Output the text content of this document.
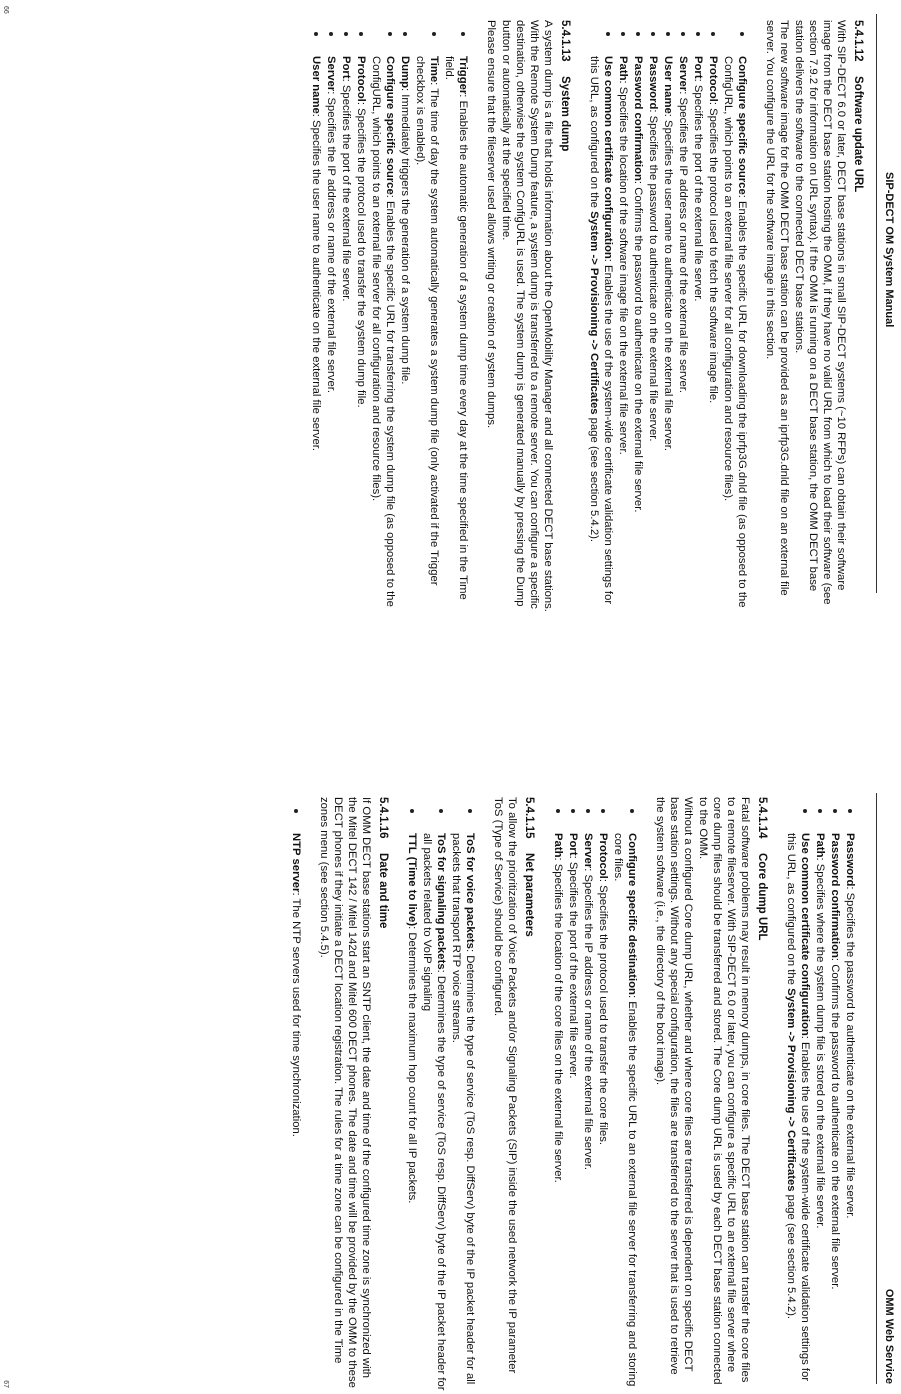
SIP-DECT OM System Manual
5.4.1.12Software update URL

With SIP-DECT 6.0 or later, DECT base stations in small SIP-DECT systems (~10 RFPs) can obtain their software image from the DECT base station hosting the OMM, if they have no valid URL from which to load their software (see section 7.9.2 for information on URL syntax). If the OMM is running on a DECT base station, the OMM DECT base station delivers the software to the connected DECT base stations.

The new software image for the OMM DECT base station can be provided as an iprfp3G.dnld file on an external file server. You configure the URL for the software image in this section.

Configure specific source: Enables the specific URL for downloading the iprfp3G.dnld file (as opposed to the ConfigURL, which points to an external file server for all configuration and resource files).
Protocol: Specifies the protocol used to fetch the software image file.
Port: Specifies the port of the external file server.
Server: Specifies the IP address or name of the external file server.
User name: Specifies the user name to authenticate on the external file server.
Password: Specifies the password to authenticate on the external file server.
Password confirmation: Confirms the password to authenticate on the external file server.
Path: Specifies the location of the software image file on the external file server.
Use common certificate configuration: Enables the use of the system-wide certificate validation settings for this URL, as configured on the System -> Provisioning -> Certificates page (see section 5.4.2).
5.4.1.13System dump

A system dump is a file that holds information about the OpenMobility Manager and all connected DECT base stations. With the Remote System Dump feature, a system dump is transferred to a remote server. You can configure a specific destination, otherwise the system ConfigURL is used. The system dump is generated manually by pressing the Dump button or automatically at the specified time.

Please ensure that the fileserver used allows writing or creation of system dumps.

Trigger: Enables the automatic generation of a system dump time every day at the time specified in the Time field.
Time: The time of day the system automatically generates a system dump file (only activated if the Trigger checkbox is enabled).
Dump: Immediately triggers the generation of a system dump file.
Configure specific source: Enables the specific URL for transferring the system dump file (as opposed to the ConfigURL, which points to an external file server for all configuration and resource files).
Protocol: Specifies the protocol used to transfer the system dump file.
Port: Specifies the port of the external file server.
Server: Specifies the IP address or name of the external file server.
User name: Specifies the user name to authenticate on the external file server.
66
OMM Web Service
Password: Specifies the password to authenticate on the external file server.
Password confirmation: Confirms the password to authenticate on the external file server.
Path: Specifies where the system dump file is stored on the external file server.
Use common certificate configuration: Enables the use of the system-wide certificate validation settings for this URL, as configured on the System -> Provisioning -> Certificates page (see section 5.4.2).
5.4.1.14Core dump URL

Fatal software problems may result in memory dumps, in core files. The DECT base station can transfer the core files to a remote fileserver. With SIP-DECT 6.0 or later, you can configure a specific URL to an external file server where core dump files should be transferred and stored. The Core dump URL is used by each DECT base station connected to the OMM.

Without a configured Core dump URL, whether and where core files are transferred is dependent on specific DECT base station settings. Without any special configuration, the files are transferred to the server that is used to retrieve the system software (i.e., the directory of the boot image).

Configure specific destination: Enables the specific URL to an external file server for transferring and storing core files.
Protocol: Specifies the protocol used to transfer the core files.
Server: Specifies the IP address or name of the external file server.
Port: Specifies the port of the external file server.
Path: Specifies the location of the core files on the external file server.
5.4.1.15Net parameters

To allow the prioritization of Voice Packets and/or Signaling Packets (SIP) inside the used network the IP parameter ToS (Type of Service) should be configured.

ToS for voice packets: Determines the type of service (ToS resp. DiffServ) byte of the IP packet header for all packets that transport RTP voice streams.
ToS for signaling packets: Determines the type of service (ToS resp. DiffServ) byte of the IP packet header for all packets related to VoIP signaling
TTL (Time to live): Determines the maximum hop count for all IP packets.
5.4.1.16Date and time

If OMM DECT base stations start an SNTP client, the date and time of the configured time zone is synchronized with the Mitel DECT 142 / Mitel 142d and Mitel 600 DECT phones. The date and time will be provided by the OMM to these DECT phones if they initiate a DECT location registration. The rules for a time zone can be configured in the Time zones menu (see section 5.4.5).

NTP server: The NTP servers used for time synchronization.
67
